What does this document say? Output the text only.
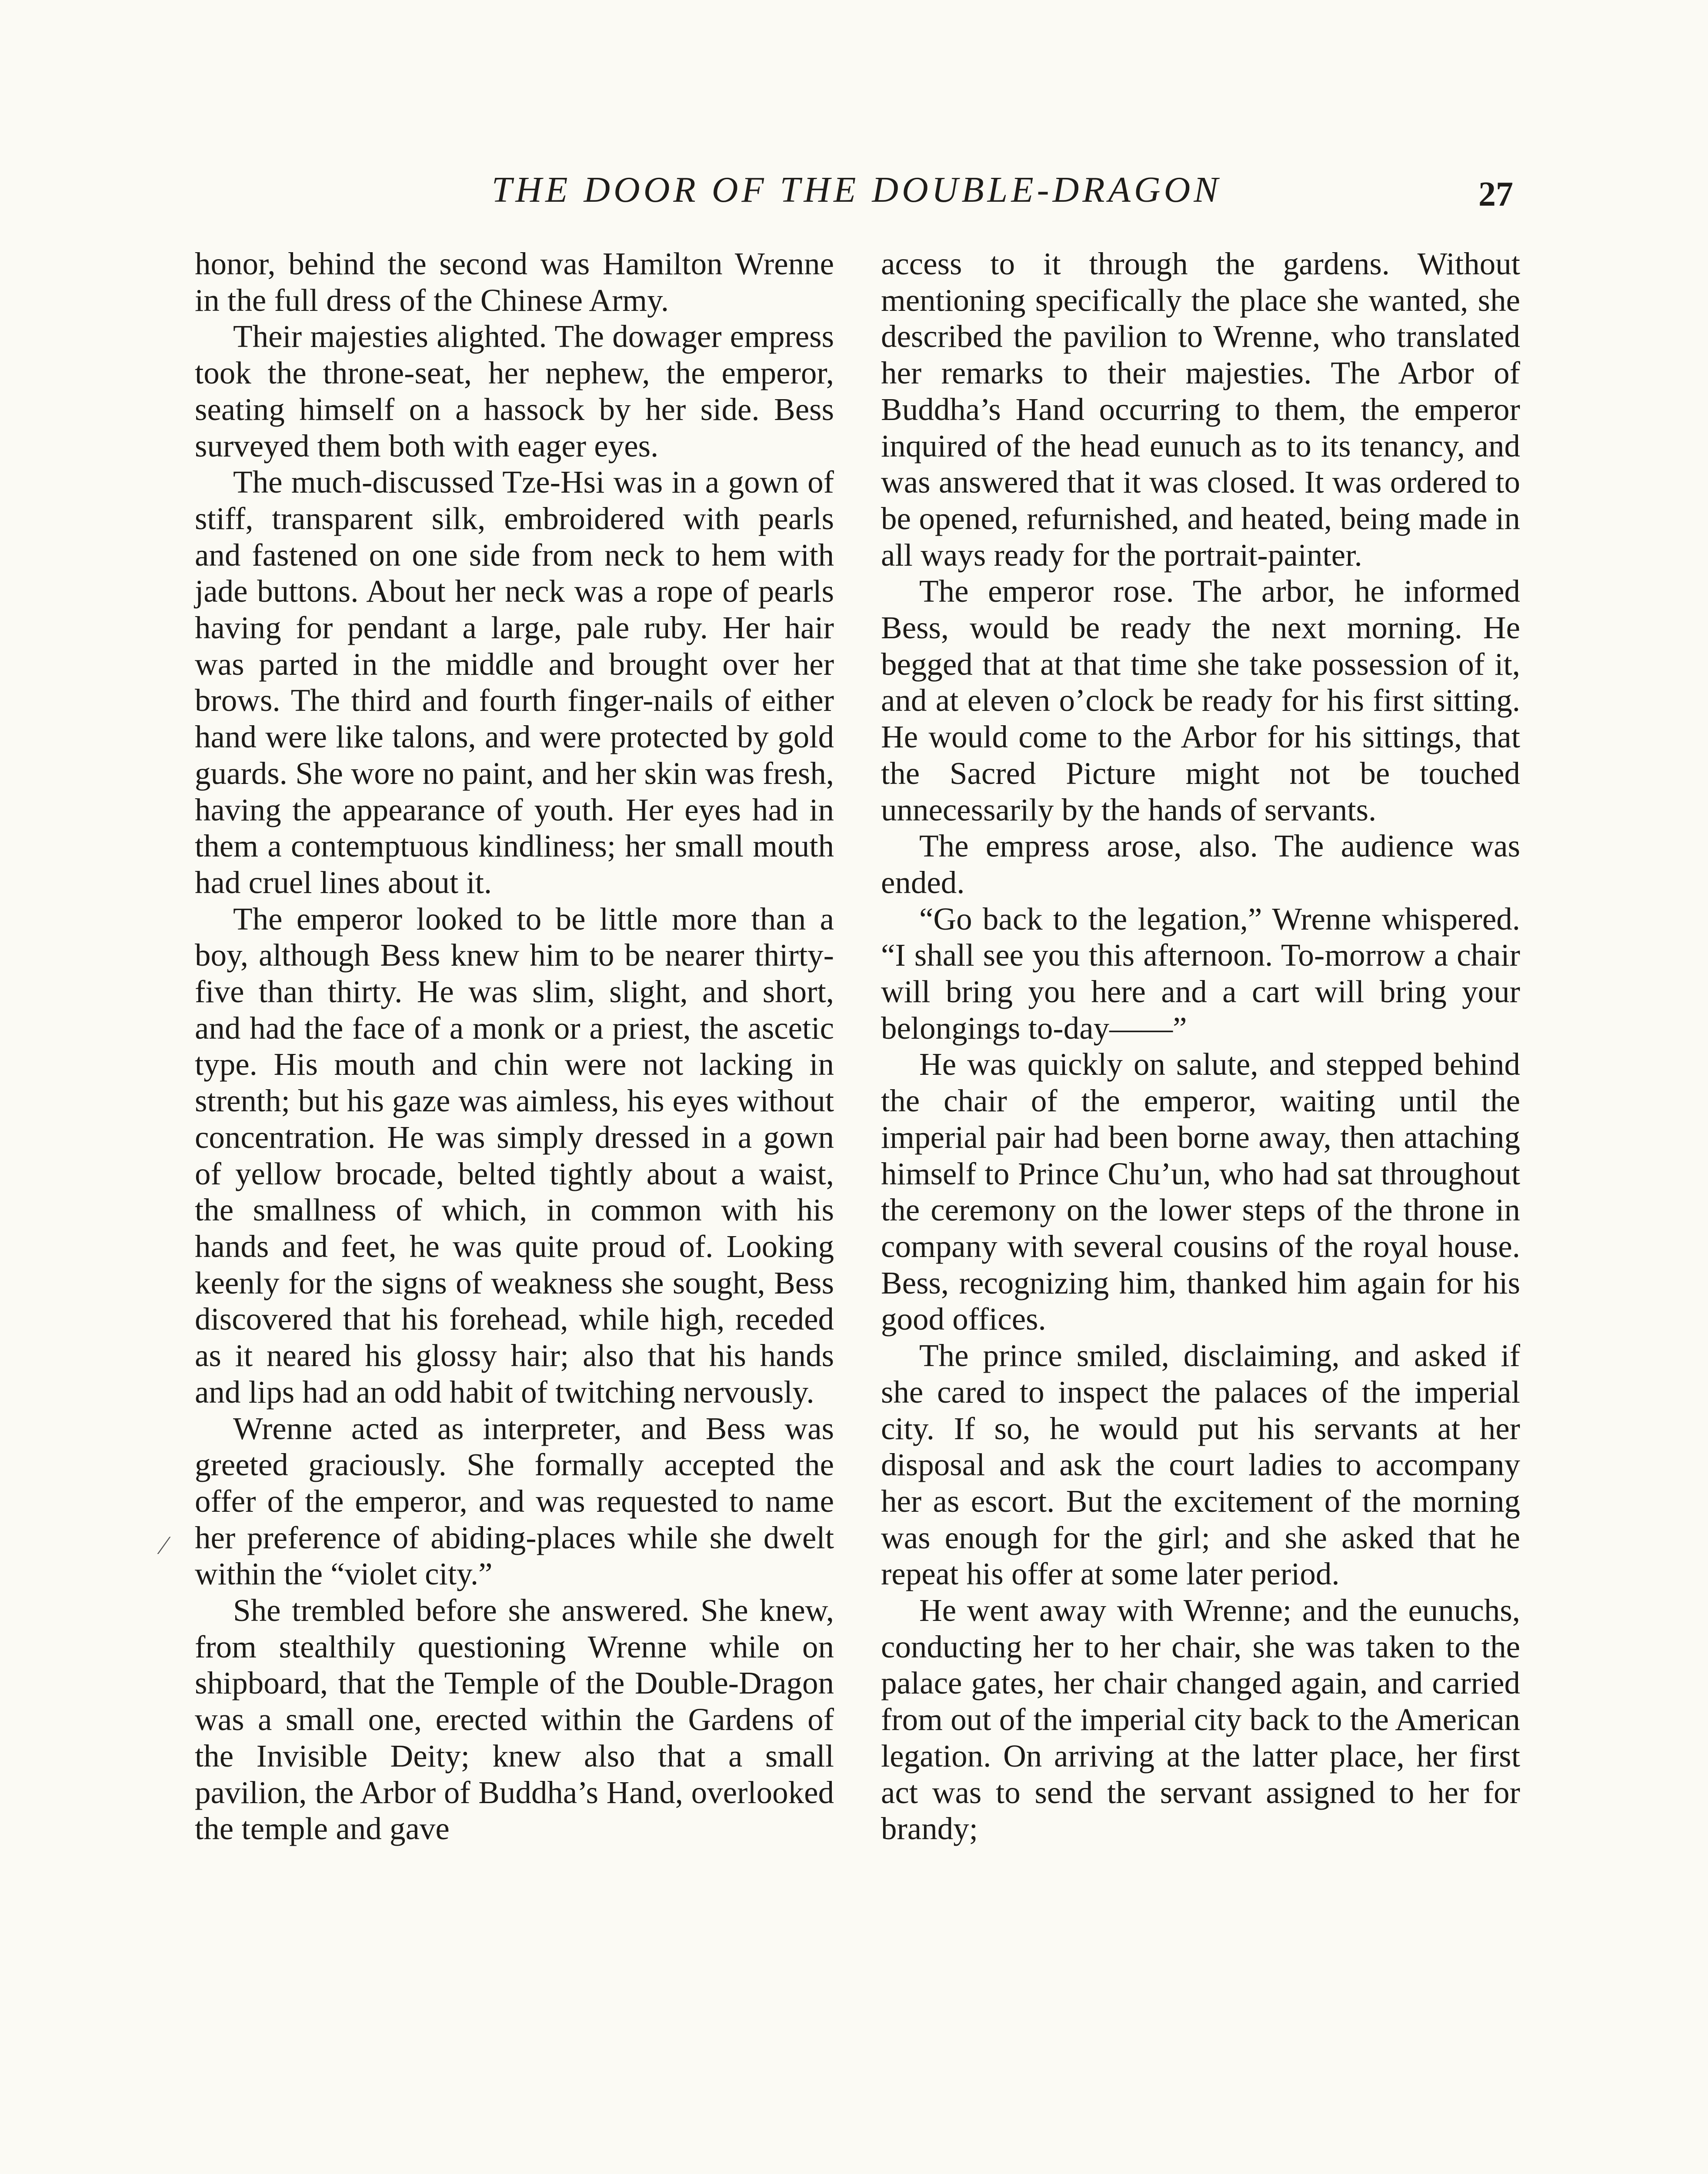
THE DOOR OF THE DOUBLE-DRAGON	27
⁄

honor, behind the second was Hamilton Wrenne in the full dress of the Chinese Army.

Their majesties alighted. The dowager empress took the throne-seat, her nephew, the emperor, seating himself on a hassock by her side. Bess surveyed them both with eager eyes.

The much-discussed Tze-Hsi was in a gown of stiff, transparent silk, embroidered with pearls and fastened on one side from neck to hem with jade buttons. About her neck was a rope of pearls having for pendant a large, pale ruby. Her hair was parted in the middle and brought over her brows. The third and fourth finger-nails of either hand were like talons, and were protected by gold guards. She wore no paint, and her skin was fresh, having the appearance of youth. Her eyes had in them a contemptuous kindliness; her small mouth had cruel lines about it.

The emperor looked to be little more than a boy, although Bess knew him to be nearer thirty-five than thirty. He was slim, slight, and short, and had the face of a monk or a priest, the ascetic type. His mouth and chin were not lacking in strenth; but his gaze was aimless, his eyes without concentration. He was simply dressed in a gown of yellow brocade, belted tightly about a waist, the smallness of which, in common with his hands and feet, he was quite proud of. Looking keenly for the signs of weakness she sought, Bess discovered that his forehead, while high, receded as it neared his glossy hair; also that his hands and lips had an odd habit of twitching nervously.

Wrenne acted as interpreter, and Bess was greeted graciously. She formally accepted the offer of the emperor, and was requested to name her preference of abiding-places while she dwelt within the “violet city.”

She trembled before she answered. She knew, from stealthily questioning Wrenne while on shipboard, that the Temple of the Double-Dragon was a small one, erected within the Gardens of the Invisible Deity; knew also that a small pavilion, the Arbor of Buddha’s Hand, overlooked the temple and gave

access to it through the gardens. Without mentioning specifically the place she wanted, she described the pavilion to Wrenne, who translated her remarks to their majesties. The Arbor of Buddha’s Hand occurring to them, the emperor inquired of the head eunuch as to its tenancy, and was answered that it was closed. It was ordered to be opened, refurnished, and heated, being made in all ways ready for the portrait-painter.

The emperor rose. The arbor, he informed Bess, would be ready the next morning. He begged that at that time she take possession of it, and at eleven o’clock be ready for his first sitting. He would come to the Arbor for his sittings, that the Sacred Picture might not be touched unnecessarily by the hands of servants.

The empress arose, also. The audience was ended.

“Go back to the legation,” Wrenne whispered. “I shall see you this afternoon. To-morrow a chair will bring you here and a cart will bring your belongings to-day——”

He was quickly on salute, and stepped behind the chair of the emperor, waiting until the imperial pair had been borne away, then attaching himself to Prince Chu’un, who had sat throughout the ceremony on the lower steps of the throne in company with several cousins of the royal house. Bess, recognizing him, thanked him again for his good offices.

The prince smiled, disclaiming, and asked if she cared to inspect the palaces of the imperial city. If so, he would put his servants at her disposal and ask the court ladies to accompany her as escort. But the excitement of the morning was enough for the girl; and she asked that he repeat his offer at some later period.

He went away with Wrenne; and the eunuchs, conducting her to her chair, she was taken to the palace gates, her chair changed again, and carried from out of the imperial city back to the American legation. On arriving at the latter place, her first act was to send the servant assigned to her for brandy;
